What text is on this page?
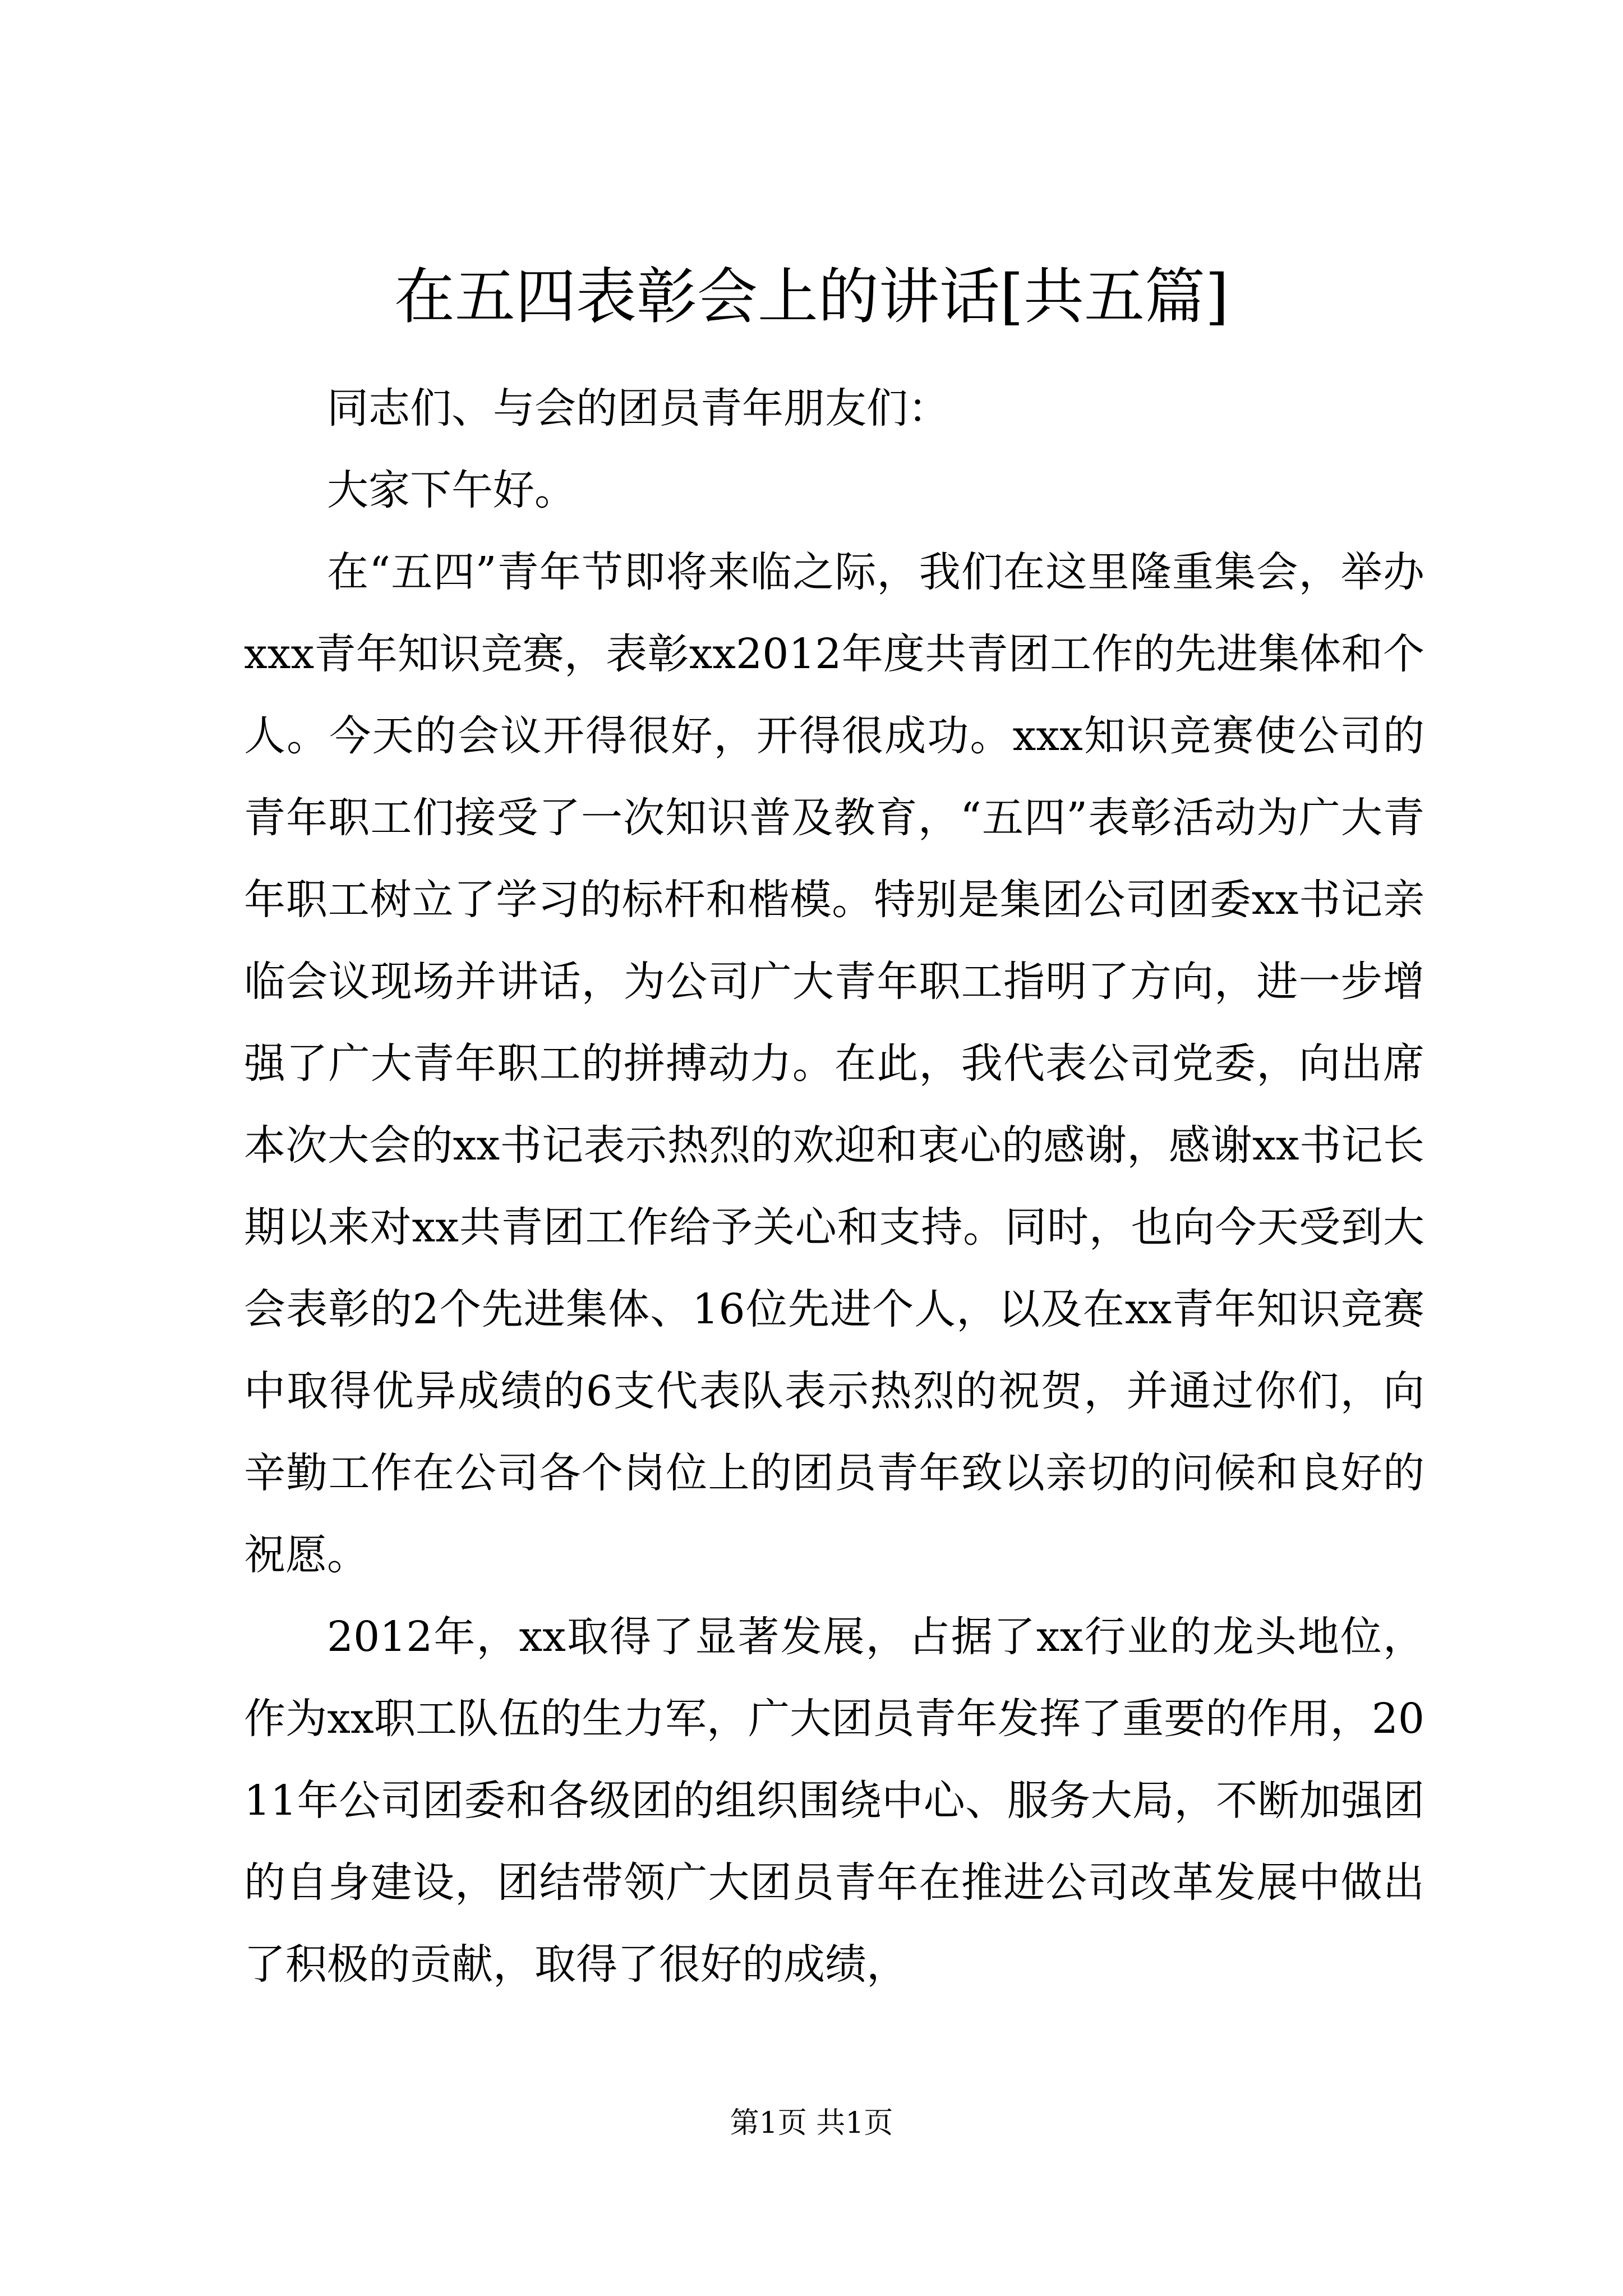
在五四表彰会上的讲话[共五篇]

同志们、与会的团员青年朋友们：

大家下午好。

在“五四”青年节即将来临之际，我们在这里隆重集会，举办xxx青年知识竞赛，表彰xx2012年度共青团工作的先进集体和个人。今天的会议开得很好，开得很成功。xxx知识竞赛使公司的青年职工们接受了一次知识普及教育，“五四”表彰活动为广大青年职工树立了学习的标杆和楷模。特别是集团公司团委xx书记亲临会议现场并讲话，为公司广大青年职工指明了方向，进一步增强了广大青年职工的拼搏动力。在此，我代表公司党委，向出席本次大会的xx书记表示热烈的欢迎和衷心的感谢，感谢xx书记长期以来对xx共青团工作给予关心和支持。同时，也向今天受到大会表彰的2个先进集体、16位先进个人，以及在xx青年知识竞赛中取得优异成绩的6支代表队表示热烈的祝贺，并通过你们，向辛勤工作在公司各个岗位上的团员青年致以亲切的问候和良好的祝愿。

2012年，xx取得了显著发展，占据了xx行业的龙头地位，作为xx职工队伍的生力军，广大团员青年发挥了重要的作用，2011年公司团委和各级团的组织围绕中心、服务大局，不断加强团的自身建设，团结带领广大团员青年在推进公司改革发展中做出了积极的贡献，取得了很好的成绩，

第1页 共1页
